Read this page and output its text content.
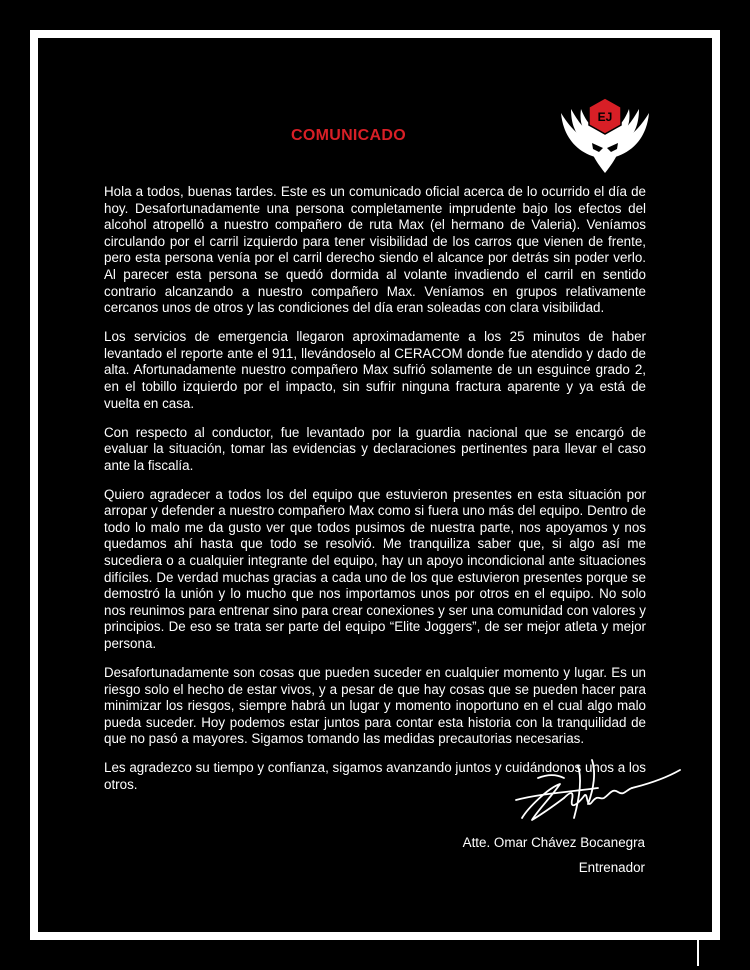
COMUNICADO
EJ

Hola a todos, buenas tardes. Este es un comunicado oficial acerca de lo ocurrido el día de hoy. Desafortunadamente una persona completamente imprudente bajo los efectos del alcohol atropelló a nuestro compañero de ruta Max (el hermano de Valeria). Veníamos circulando por el carril izquierdo para tener visibilidad de los carros que vienen de frente, pero esta persona venía por el carril derecho siendo el alcance por detrás sin poder verlo. Al parecer esta persona se quedó dormida al volante invadiendo el carril en sentido contrario alcanzando a nuestro compañero Max. Veníamos en grupos relativamente cercanos unos de otros y las condiciones del día eran soleadas con clara visibilidad.

Los servicios de emergencia llegaron aproximadamente a los 25 minutos de haber levantado el reporte ante el 911, llevándoselo al CERACOM donde fue atendido y dado de alta. Afortunadamente nuestro compañero Max sufrió solamente de un esguince grado 2, en el tobillo izquierdo por el impacto, sin sufrir ninguna fractura aparente y ya está de vuelta en casa.

Con respecto al conductor, fue levantado por la guardia nacional que se encargó de evaluar la situación, tomar las evidencias y declaraciones pertinentes para llevar el caso ante la fiscalía.

Quiero agradecer a todos los del equipo que estuvieron presentes en esta situación por arropar y defender a nuestro compañero Max como si fuera uno más del equipo. Dentro de todo lo malo me da gusto ver que todos pusimos de nuestra parte, nos apoyamos y nos quedamos ahí hasta que todo se resolvió. Me tranquiliza saber que, si algo así me sucediera o a cualquier integrante del equipo, hay un apoyo incondicional ante situaciones difíciles. De verdad muchas gracias a cada uno de los que estuvieron presentes porque se demostró la unión y lo mucho que nos importamos unos por otros en el equipo. No solo nos reunimos para entrenar sino para crear conexiones y ser una comunidad con valores y principios. De eso se trata ser parte del equipo “Elite Joggers”, de ser mejor atleta y mejor persona.

Desafortunadamente son cosas que pueden suceder en cualquier momento y lugar. Es un riesgo solo el hecho de estar vivos, y a pesar de que hay cosas que se pueden hacer para minimizar los riesgos, siempre habrá un lugar y momento inoportuno en el cual algo malo pueda suceder. Hoy podemos estar juntos para contar esta historia con la tranquilidad de que no pasó a mayores. Sigamos tomando las medidas precautorias necesarias.

Les agradezco su tiempo y confianza, sigamos avanzando juntos y cuidándonos unos a los otros.

Atte. Omar Chávez Bocanegra
Entrenador
